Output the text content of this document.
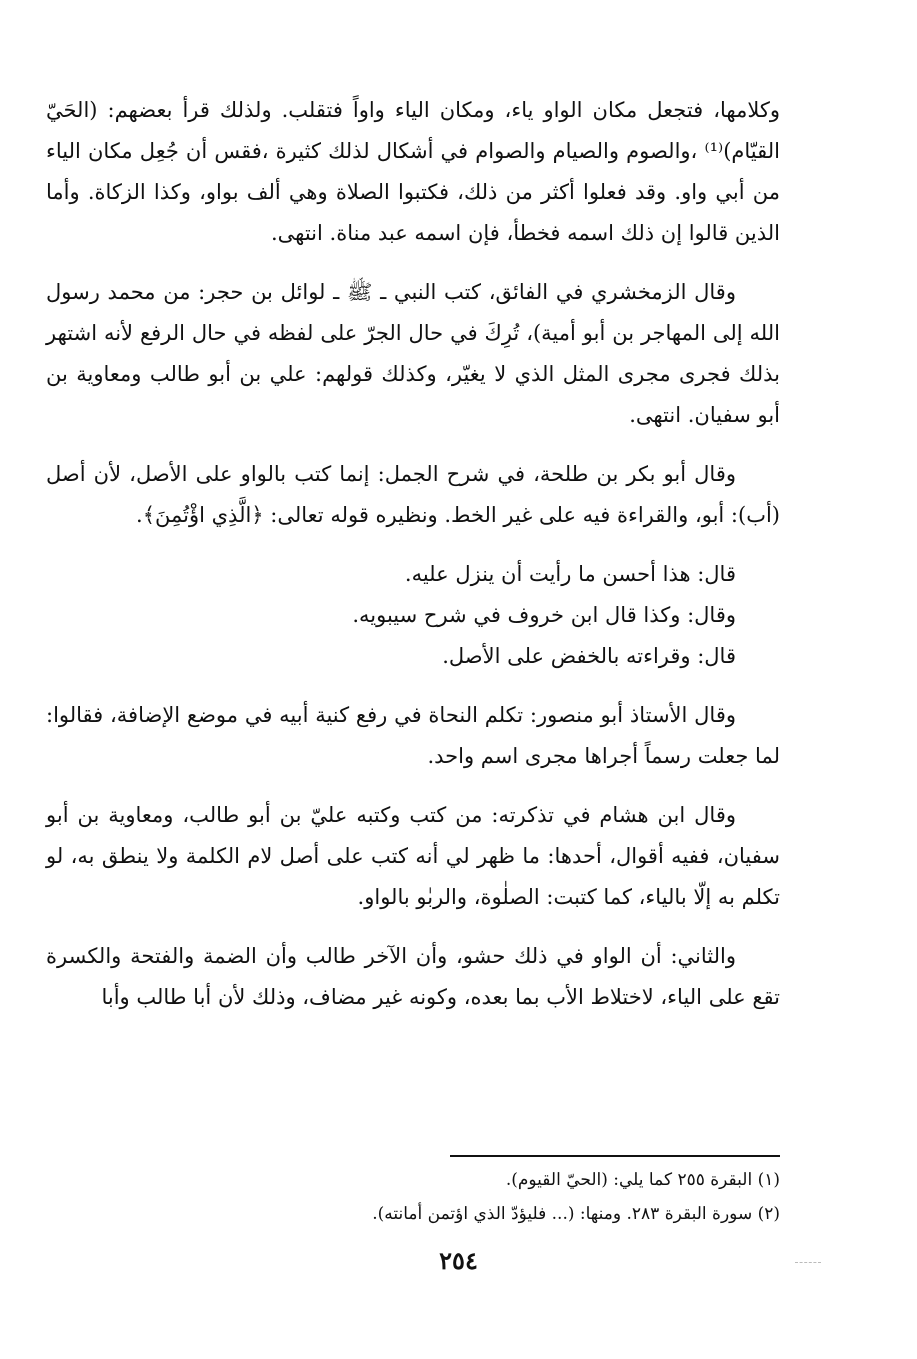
وكلامها، فتجعل مكان الواو ياء، ومكان الياء واواً فتقلب. ولذلك قرأ بعضهم: (الحَيّ القيّام)⁽¹⁾ ،والصوم والصيام والصوام في أشكال لذلك كثيرة ،فقس أن جُعِل مكان الياء من أبي واو. وقد فعلوا أكثر من ذلك، فكتبوا الصلاة وهي ألف بواو، وكذا الزكاة. وأما الذين قالوا إن ذلك اسمه فخطأ، فإن اسمه عبد مناة. انتهى.

وقال الزمخشري في الفائق، كتب النبي ـ ﷺ ـ لوائل بن حجر: من محمد رسول الله إلى المهاجر بن أبو أمية)، تُرِكَ في حال الجرّ على لفظه في حال الرفع لأنه اشتهر بذلك فجرى مجرى المثل الذي لا يغيّر، وكذلك قولهم: علي بن أبو طالب ومعاوية بن أبو سفيان. انتهى.

وقال أبو بكر بن طلحة، في شرح الجمل: إنما كتب بالواو على الأصل، لأن أصل (أب): أبو، والقراءة فيه على غير الخط. ونظيره قوله تعالى: ﴿الَّذِي اؤْتُمِنَ﴾.

قال: هذا أحسن ما رأيت أن ينزل عليه.

وقال: وكذا قال ابن خروف في شرح سيبويه.

قال: وقراءته بالخفض على الأصل.

وقال الأستاذ أبو منصور: تكلم النحاة في رفع كنية أبيه في موضع الإضافة، فقالوا: لما جعلت رسماً أجراها مجرى اسم واحد.

وقال ابن هشام في تذكرته: من كتب وكتبه عليّ بن أبو طالب، ومعاوية بن أبو سفيان، ففيه أقوال، أحدها: ما ظهر لي أنه كتب على أصل لام الكلمة ولا ينطق به، لو تكلم به إلّا بالياء، كما كتبت: الصلٰوة، والربٰو بالواو.

والثاني: أن الواو في ذلك حشو، وأن الآخر طالب وأن الضمة والفتحة والكسرة تقع على الياء، لاختلاط الأب بما بعده، وكونه غير مضاف، وذلك لأن أبا طالب وأبا

(١) البقرة ٢٥٥ كما يلي: (الحيّ القيوم).

(٢) سورة البقرة ٢٨٣. ومنها: (... فليؤدّ الذي اؤتمن أمانته).

٢٥٤
